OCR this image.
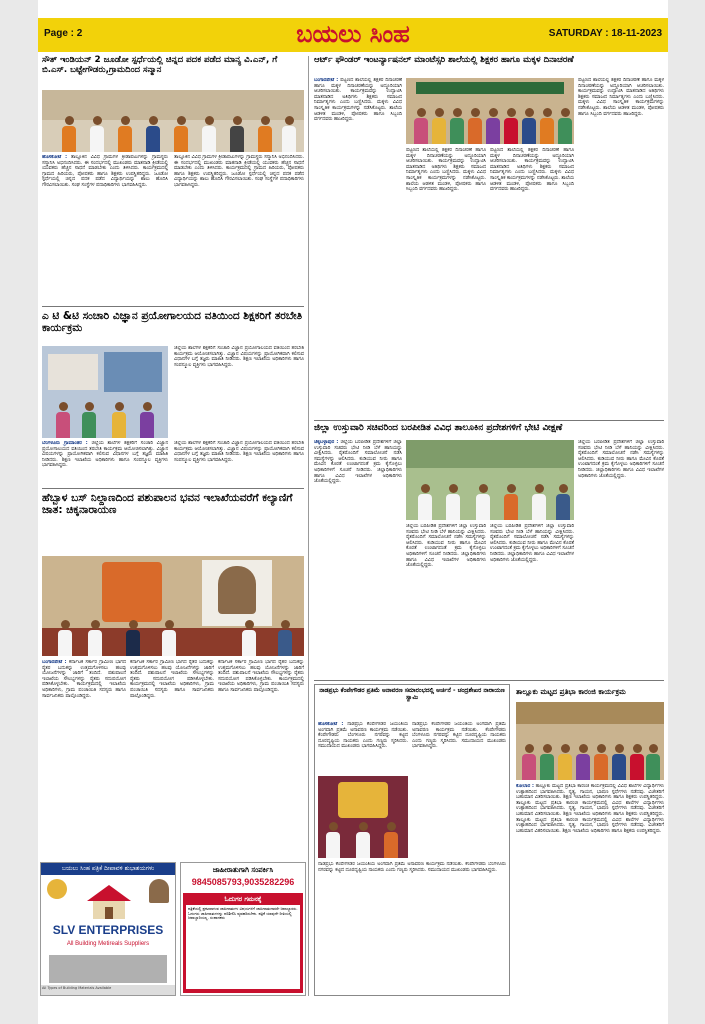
Page : 2	ಬಯಲು ಸಿಂಹ	SATURDAY : 18-11-2023
ಸೌತ್ ಇಂಡಿಯನ್ 2 ಜೂಡೋ ಸ್ಪರ್ಧೆಯಲ್ಲಿ ಚಿನ್ನದ ಪದಕ ಪಡೆದ ಮಾನ್ಯ ವಿ.ಎನ್, ಗೆ ಬಿ.ಎಸ್. ಬಟ್ಟೇಗೌಡರು,ಗ್ರಾಮದಿಂದ ಸನ್ಮಾನ
ಹೊಸಕೋಟೆ : ತಾಲ್ಲೂಕಿನ ವಿವಿಧ ಗ್ರಾಮಗಳ ಕ್ರೀಡಾಪಟುಗಳನ್ನು ಗ್ರಾಮಸ್ಥರು ಸನ್ಮಾನಿಸಿ ಅಭಿನಂದಿಸಿದರು. ಈ ಸಂದರ್ಭದಲ್ಲಿ ಮುಖಂಡರು ಮಾತನಾಡಿ ಕ್ರೀಡೆಯಲ್ಲಿ ಯುವಕರು ಹೆಚ್ಚಿನ ಸಾಧನೆ ಮಾಡಬೇಕು ಎಂದು ತಿಳಿಸಿದರು. ಕಾರ್ಯಕ್ರಮದಲ್ಲಿ ಗ್ರಾಮದ ಹಿರಿಯರು, ಪೋಷಕರು ಹಾಗೂ ಶಿಕ್ಷಕರು ಉಪಸ್ಥಿತರಿದ್ದರು. ಜೂಡೋ ಸ್ಪರ್ಧೆಯಲ್ಲಿ ಚಿನ್ನದ ಪದಕ ಪಡೆದ ವಿದ್ಯಾರ್ಥಿಯನ್ನು ಶಾಲು ಹೊದಿಸಿ ಗೌರವಿಸಲಾಯಿತು. ಸಂಘ ಸಂಸ್ಥೆಗಳ ಪದಾಧಿಕಾರಿಗಳು ಭಾಗವಹಿಸಿದ್ದರು.
ತಾಲ್ಲೂಕಿನ ವಿವಿಧ ಗ್ರಾಮಗಳ ಕ್ರೀಡಾಪಟುಗಳನ್ನು ಗ್ರಾಮಸ್ಥರು ಸನ್ಮಾನಿಸಿ ಅಭಿನಂದಿಸಿದರು. ಈ ಸಂದರ್ಭದಲ್ಲಿ ಮುಖಂಡರು ಮಾತನಾಡಿ ಕ್ರೀಡೆಯಲ್ಲಿ ಯುವಕರು ಹೆಚ್ಚಿನ ಸಾಧನೆ ಮಾಡಬೇಕು ಎಂದು ತಿಳಿಸಿದರು. ಕಾರ್ಯಕ್ರಮದಲ್ಲಿ ಗ್ರಾಮದ ಹಿರಿಯರು, ಪೋಷಕರು ಹಾಗೂ ಶಿಕ್ಷಕರು ಉಪಸ್ಥಿತರಿದ್ದರು. ಜೂಡೋ ಸ್ಪರ್ಧೆಯಲ್ಲಿ ಚಿನ್ನದ ಪದಕ ಪಡೆದ ವಿದ್ಯಾರ್ಥಿಯನ್ನು ಶಾಲು ಹೊದಿಸಿ ಗೌರವಿಸಲಾಯಿತು. ಸಂಘ ಸಂಸ್ಥೆಗಳ ಪದಾಧಿಕಾರಿಗಳು ಭಾಗವಹಿಸಿದ್ದರು.
ಎ ಟಿ &ಟಿ ಸಂಚಾರಿ ವಿಜ್ಞಾನ ಪ್ರಯೋಗಾಲಯದ ವತಿಯಿಂದ ಶಿಕ್ಷಕರಿಗೆ ತರಬೇತಿ ಕಾರ್ಯಕ್ರಮ
ಜಿಲ್ಲೆಯ ಶಾಲೆಗಳ ಶಿಕ್ಷಕರಿಗೆ ಸಂಚಾರಿ ವಿಜ್ಞಾನ ಪ್ರಯೋಗಾಲಯದ ವತಿಯಿಂದ ತರಬೇತಿ ಕಾರ್ಯಕ್ರಮ ಆಯೋಜಿಸಲಾಗಿತ್ತು. ವಿಜ್ಞಾನ ವಿಷಯಗಳನ್ನು ಪ್ರಾಯೋಗಿಕವಾಗಿ ಕಲಿಸುವ ವಿಧಾನಗಳ ಬಗ್ಗೆ ತಜ್ಞರು ಮಾಹಿತಿ ನೀಡಿದರು. ಶಿಕ್ಷಣ ಇಲಾಖೆಯ ಅಧಿಕಾರಿಗಳು ಹಾಗೂ ಸಂಪನ್ಮೂಲ ವ್ಯಕ್ತಿಗಳು ಭಾಗವಹಿಸಿದ್ದರು.
ಬೆಂಗಳೂರು ಗ್ರಾಮಾಂತರ : ಜಿಲ್ಲೆಯ ಶಾಲೆಗಳ ಶಿಕ್ಷಕರಿಗೆ ಸಂಚಾರಿ ವಿಜ್ಞಾನ ಪ್ರಯೋಗಾಲಯದ ವತಿಯಿಂದ ತರಬೇತಿ ಕಾರ್ಯಕ್ರಮ ಆಯೋಜಿಸಲಾಗಿತ್ತು. ವಿಜ್ಞಾನ ವಿಷಯಗಳನ್ನು ಪ್ರಾಯೋಗಿಕವಾಗಿ ಕಲಿಸುವ ವಿಧಾನಗಳ ಬಗ್ಗೆ ತಜ್ಞರು ಮಾಹಿತಿ ನೀಡಿದರು. ಶಿಕ್ಷಣ ಇಲಾಖೆಯ ಅಧಿಕಾರಿಗಳು ಹಾಗೂ ಸಂಪನ್ಮೂಲ ವ್ಯಕ್ತಿಗಳು ಭಾಗವಹಿಸಿದ್ದರು.
ಜಿಲ್ಲೆಯ ಶಾಲೆಗಳ ಶಿಕ್ಷಕರಿಗೆ ಸಂಚಾರಿ ವಿಜ್ಞಾನ ಪ್ರಯೋಗಾಲಯದ ವತಿಯಿಂದ ತರಬೇತಿ ಕಾರ್ಯಕ್ರಮ ಆಯೋಜಿಸಲಾಗಿತ್ತು. ವಿಜ್ಞಾನ ವಿಷಯಗಳನ್ನು ಪ್ರಾಯೋಗಿಕವಾಗಿ ಕಲಿಸುವ ವಿಧಾನಗಳ ಬಗ್ಗೆ ತಜ್ಞರು ಮಾಹಿತಿ ನೀಡಿದರು. ಶಿಕ್ಷಣ ಇಲಾಖೆಯ ಅಧಿಕಾರಿಗಳು ಹಾಗೂ ಸಂಪನ್ಮೂಲ ವ್ಯಕ್ತಿಗಳು ಭಾಗವಹಿಸಿದ್ದರು.
ಹೆಬ್ಬಾಳ ಬಸ್ ನಿಲ್ದಾಣದಿಂದ ಪಶುಪಾಲನ ಭವನ ಇಲಾಖೆಯವರೆಗೆ ಕಲ್ಯಾಣಿಗೆ ಜಾತ: ಚಿಕ್ಕನಾರಾಯಣ
ಬಂಗಾರಪೇಟೆ : ಕರ್ನಾಟಕ ಸರ್ಕಾರ ಗ್ರಾಮೀಣ ಭಾಗದ ರೈತರ ಬದುಕನ್ನು ಉತ್ತಮಗೊಳಿಸಲು ಹಲವು ಯೋಜನೆಗಳನ್ನು ಜಾರಿಗೆ ತಂದಿದೆ. ಪಶುಪಾಲನೆ ಇಲಾಖೆಯ ಸೌಲಭ್ಯಗಳನ್ನು ರೈತರು ಸದುಪಯೋಗ ಪಡಿಸಿಕೊಳ್ಳಬೇಕು. ಕಾರ್ಯಕ್ರಮದಲ್ಲಿ ಇಲಾಖೆಯ ಅಧಿಕಾರಿಗಳು, ಗ್ರಾಮ ಪಂಚಾಯಿತಿ ಸದಸ್ಯರು ಹಾಗೂ ಸಾರ್ವಜನಿಕರು ಪಾಲ್ಗೊಂಡಿದ್ದರು.
ಕರ್ನಾಟಕ ಸರ್ಕಾರ ಗ್ರಾಮೀಣ ಭಾಗದ ರೈತರ ಬದುಕನ್ನು ಉತ್ತಮಗೊಳಿಸಲು ಹಲವು ಯೋಜನೆಗಳನ್ನು ಜಾರಿಗೆ ತಂದಿದೆ. ಪಶುಪಾಲನೆ ಇಲಾಖೆಯ ಸೌಲಭ್ಯಗಳನ್ನು ರೈತರು ಸದುಪಯೋಗ ಪಡಿಸಿಕೊಳ್ಳಬೇಕು. ಕಾರ್ಯಕ್ರಮದಲ್ಲಿ ಇಲಾಖೆಯ ಅಧಿಕಾರಿಗಳು, ಗ್ರಾಮ ಪಂಚಾಯಿತಿ ಸದಸ್ಯರು ಹಾಗೂ ಸಾರ್ವಜನಿಕರು ಪಾಲ್ಗೊಂಡಿದ್ದರು.
ಕರ್ನಾಟಕ ಸರ್ಕಾರ ಗ್ರಾಮೀಣ ಭಾಗದ ರೈತರ ಬದುಕನ್ನು ಉತ್ತಮಗೊಳಿಸಲು ಹಲವು ಯೋಜನೆಗಳನ್ನು ಜಾರಿಗೆ ತಂದಿದೆ. ಪಶುಪಾಲನೆ ಇಲಾಖೆಯ ಸೌಲಭ್ಯಗಳನ್ನು ರೈತರು ಸದುಪಯೋಗ ಪಡಿಸಿಕೊಳ್ಳಬೇಕು. ಕಾರ್ಯಕ್ರಮದಲ್ಲಿ ಇಲಾಖೆಯ ಅಧಿಕಾರಿಗಳು, ಗ್ರಾಮ ಪಂಚಾಯಿತಿ ಸದಸ್ಯರು ಹಾಗೂ ಸಾರ್ವಜನಿಕರು ಪಾಲ್ಗೊಂಡಿದ್ದರು.
ಬಯಲು ಸಿಂಹ ಪತ್ರಿಕೆ ದೀಪಾವಳಿ ಶುಭಾಶಯಗಳು
SLV ENTERPRISES
All Building Metireals Suppliers
All Types of Building Materials Available
ಜಾಹೀರಾತುಗಾಗಿ ಸಂಪರ್ಕಿಸಿ
9845085793,9035282296
ಓದುಗರ ಗಮನಕ್ಕೆ
ಪತ್ರಿಕೆಯಲ್ಲಿ ಪ್ರಕಟವಾಗುವ ಜಾಹೀರಾತುಗಳ ವಿಷಯಗಳಿಗೆ ಜಾಹೀರಾತುದಾರರೇ ಜವಾಬ್ದಾರರು. ಓದುಗರು ಜಾಹೀರಾತುಗಳನ್ನು ಪರಿಶೀಲಿಸಿ ವ್ಯವಹರಿಸಬೇಕು. ಪತ್ರಿಕೆ ಯಾವುದೇ ರೀತಿಯಲ್ಲಿ ಜವಾಬ್ದಾರಿಯಲ್ಲ. ಸಂಪಾದಕರು
ಆರ್ಟ್ ಫೌಂಡರ್ ಇಂಟರ್ನ್ಯಾಷನಲ್ ಮಾಂಟೆಸ್ಸರಿ ಶಾಲೆಯಲ್ಲಿ ಶಿಕ್ಷಕರ ಹಾಗೂ ಮಕ್ಕಳ ದಿನಾಚರಣೆ
ಬಂಗಾರಪೇಟೆ : ಪಟ್ಟಣದ ಶಾಲೆಯಲ್ಲಿ ಶಿಕ್ಷಕರ ದಿನಾಚರಣೆ ಹಾಗೂ ಮಕ್ಕಳ ದಿನಾಚರಣೆಯನ್ನು ಅದ್ದೂರಿಯಾಗಿ ಆಚರಿಸಲಾಯಿತು. ಕಾರ್ಯಕ್ರಮವನ್ನು ಉದ್ಘಾಟಿಸಿ ಮಾತನಾಡಿದ ಅತಿಥಿಗಳು ಶಿಕ್ಷಕರು ಸಮಾಜದ ನಿರ್ಮಾತೃಗಳು ಎಂದು ಬಣ್ಣಿಸಿದರು. ಮಕ್ಕಳು ವಿವಿಧ ಸಾಂಸ್ಕೃತಿಕ ಕಾರ್ಯಕ್ರಮಗಳನ್ನು ನಡೆಸಿಕೊಟ್ಟರು. ಶಾಲೆಯ ಆಡಳಿತ ಮಂಡಳಿ, ಪೋಷಕರು ಹಾಗೂ ಸಿಬ್ಬಂದಿ ವರ್ಗದವರು ಹಾಜರಿದ್ದರು.
ಪಟ್ಟಣದ ಶಾಲೆಯಲ್ಲಿ ಶಿಕ್ಷಕರ ದಿನಾಚರಣೆ ಹಾಗೂ ಮಕ್ಕಳ ದಿನಾಚರಣೆಯನ್ನು ಅದ್ದೂರಿಯಾಗಿ ಆಚರಿಸಲಾಯಿತು. ಕಾರ್ಯಕ್ರಮವನ್ನು ಉದ್ಘಾಟಿಸಿ ಮಾತನಾಡಿದ ಅತಿಥಿಗಳು ಶಿಕ್ಷಕರು ಸಮಾಜದ ನಿರ್ಮಾತೃಗಳು ಎಂದು ಬಣ್ಣಿಸಿದರು. ಮಕ್ಕಳು ವಿವಿಧ ಸಾಂಸ್ಕೃತಿಕ ಕಾರ್ಯಕ್ರಮಗಳನ್ನು ನಡೆಸಿಕೊಟ್ಟರು. ಶಾಲೆಯ ಆಡಳಿತ ಮಂಡಳಿ, ಪೋಷಕರು ಹಾಗೂ ಸಿಬ್ಬಂದಿ ವರ್ಗದವರು ಹಾಜರಿದ್ದರು.
ಪಟ್ಟಣದ ಶಾಲೆಯಲ್ಲಿ ಶಿಕ್ಷಕರ ದಿನಾಚರಣೆ ಹಾಗೂ ಮಕ್ಕಳ ದಿನಾಚರಣೆಯನ್ನು ಅದ್ದೂರಿಯಾಗಿ ಆಚರಿಸಲಾಯಿತು. ಕಾರ್ಯಕ್ರಮವನ್ನು ಉದ್ಘಾಟಿಸಿ ಮಾತನಾಡಿದ ಅತಿಥಿಗಳು ಶಿಕ್ಷಕರು ಸಮಾಜದ ನಿರ್ಮಾತೃಗಳು ಎಂದು ಬಣ್ಣಿಸಿದರು. ಮಕ್ಕಳು ವಿವಿಧ ಸಾಂಸ್ಕೃತಿಕ ಕಾರ್ಯಕ್ರಮಗಳನ್ನು ನಡೆಸಿಕೊಟ್ಟರು. ಶಾಲೆಯ ಆಡಳಿತ ಮಂಡಳಿ, ಪೋಷಕರು ಹಾಗೂ ಸಿಬ್ಬಂದಿ ವರ್ಗದವರು ಹಾಜರಿದ್ದರು.
ಪಟ್ಟಣದ ಶಾಲೆಯಲ್ಲಿ ಶಿಕ್ಷಕರ ದಿನಾಚರಣೆ ಹಾಗೂ ಮಕ್ಕಳ ದಿನಾಚರಣೆಯನ್ನು ಅದ್ದೂರಿಯಾಗಿ ಆಚರಿಸಲಾಯಿತು. ಕಾರ್ಯಕ್ರಮವನ್ನು ಉದ್ಘಾಟಿಸಿ ಮಾತನಾಡಿದ ಅತಿಥಿಗಳು ಶಿಕ್ಷಕರು ಸಮಾಜದ ನಿರ್ಮಾತೃಗಳು ಎಂದು ಬಣ್ಣಿಸಿದರು. ಮಕ್ಕಳು ವಿವಿಧ ಸಾಂಸ್ಕೃತಿಕ ಕಾರ್ಯಕ್ರಮಗಳನ್ನು ನಡೆಸಿಕೊಟ್ಟರು. ಶಾಲೆಯ ಆಡಳಿತ ಮಂಡಳಿ, ಪೋಷಕರು ಹಾಗೂ ಸಿಬ್ಬಂದಿ ವರ್ಗದವರು ಹಾಜರಿದ್ದರು.
ಜಿಲ್ಲಾ ಉಸ್ತುವಾರಿ ಸಚಿವರಿಂದ ಬರಪೀಡಿತ ವಿವಿಧ ತಾಲೂಕಿನ ಪ್ರದೇಶಗಳಿಗೆ ಭೇಟಿ ವೀಕ್ಷಣೆ
ಚಿಕ್ಕಬಳ್ಳಾಪುರ : ಜಿಲ್ಲೆಯ ಬರಪೀಡಿತ ಪ್ರದೇಶಗಳಿಗೆ ಜಿಲ್ಲಾ ಉಸ್ತುವಾರಿ ಸಚಿವರು ಭೇಟಿ ನೀಡಿ ಬೆಳೆ ಹಾನಿಯನ್ನು ವೀಕ್ಷಿಸಿದರು. ರೈತರೊಂದಿಗೆ ಸಮಾಲೋಚನೆ ನಡೆಸಿ ಸಮಸ್ಯೆಗಳನ್ನು ಆಲಿಸಿದರು. ಕುಡಿಯುವ ನೀರು ಹಾಗೂ ಮೇವಿನ ಕೊರತೆ ಉಂಟಾಗದಂತೆ ಕ್ರಮ ಕೈಗೊಳ್ಳಲು ಅಧಿಕಾರಿಗಳಿಗೆ ಸೂಚನೆ ನೀಡಿದರು. ಜಿಲ್ಲಾಧಿಕಾರಿಗಳು ಹಾಗೂ ವಿವಿಧ ಇಲಾಖೆಗಳ ಅಧಿಕಾರಿಗಳು ಜೊತೆಯಲ್ಲಿದ್ದರು.
ಜಿಲ್ಲೆಯ ಬರಪೀಡಿತ ಪ್ರದೇಶಗಳಿಗೆ ಜಿಲ್ಲಾ ಉಸ್ತುವಾರಿ ಸಚಿವರು ಭೇಟಿ ನೀಡಿ ಬೆಳೆ ಹಾನಿಯನ್ನು ವೀಕ್ಷಿಸಿದರು. ರೈತರೊಂದಿಗೆ ಸಮಾಲೋಚನೆ ನಡೆಸಿ ಸಮಸ್ಯೆಗಳನ್ನು ಆಲಿಸಿದರು. ಕುಡಿಯುವ ನೀರು ಹಾಗೂ ಮೇವಿನ ಕೊರತೆ ಉಂಟಾಗದಂತೆ ಕ್ರಮ ಕೈಗೊಳ್ಳಲು ಅಧಿಕಾರಿಗಳಿಗೆ ಸೂಚನೆ ನೀಡಿದರು. ಜಿಲ್ಲಾಧಿಕಾರಿಗಳು ಹಾಗೂ ವಿವಿಧ ಇಲಾಖೆಗಳ ಅಧಿಕಾರಿಗಳು ಜೊತೆಯಲ್ಲಿದ್ದರು.
ಜಿಲ್ಲೆಯ ಬರಪೀಡಿತ ಪ್ರದೇಶಗಳಿಗೆ ಜಿಲ್ಲಾ ಉಸ್ತುವಾರಿ ಸಚಿವರು ಭೇಟಿ ನೀಡಿ ಬೆಳೆ ಹಾನಿಯನ್ನು ವೀಕ್ಷಿಸಿದರು. ರೈತರೊಂದಿಗೆ ಸಮಾಲೋಚನೆ ನಡೆಸಿ ಸಮಸ್ಯೆಗಳನ್ನು ಆಲಿಸಿದರು. ಕುಡಿಯುವ ನೀರು ಹಾಗೂ ಮೇವಿನ ಕೊರತೆ ಉಂಟಾಗದಂತೆ ಕ್ರಮ ಕೈಗೊಳ್ಳಲು ಅಧಿಕಾರಿಗಳಿಗೆ ಸೂಚನೆ ನೀಡಿದರು. ಜಿಲ್ಲಾಧಿಕಾರಿಗಳು ಹಾಗೂ ವಿವಿಧ ಇಲಾಖೆಗಳ ಅಧಿಕಾರಿಗಳು ಜೊತೆಯಲ್ಲಿದ್ದರು.
ಜಿಲ್ಲೆಯ ಬರಪೀಡಿತ ಪ್ರದೇಶಗಳಿಗೆ ಜಿಲ್ಲಾ ಉಸ್ತುವಾರಿ ಸಚಿವರು ಭೇಟಿ ನೀಡಿ ಬೆಳೆ ಹಾನಿಯನ್ನು ವೀಕ್ಷಿಸಿದರು. ರೈತರೊಂದಿಗೆ ಸಮಾಲೋಚನೆ ನಡೆಸಿ ಸಮಸ್ಯೆಗಳನ್ನು ಆಲಿಸಿದರು. ಕುಡಿಯುವ ನೀರು ಹಾಗೂ ಮೇವಿನ ಕೊರತೆ ಉಂಟಾಗದಂತೆ ಕ್ರಮ ಕೈಗೊಳ್ಳಲು ಅಧಿಕಾರಿಗಳಿಗೆ ಸೂಚನೆ ನೀಡಿದರು. ಜಿಲ್ಲಾಧಿಕಾರಿಗಳು ಹಾಗೂ ವಿವಿಧ ಇಲಾಖೆಗಳ ಅಧಿಕಾರಿಗಳು ಜೊತೆಯಲ್ಲಿದ್ದರು.
ನಾಡಪ್ರಭು ಕೆಂಪೇಗೌಡರ ಪ್ರತಿಮೆ ಅನಾವರಣ ಸಮಾರಂಭದಲ್ಲಿ ಅರ್ಚನೆ - ಚಂದ್ರಶೇಖರ ನಾರಾಯಣ ಸ್ವಾಮಿ
ಹೊಸಕೋಟೆ : ನಾಡಪ್ರಭು ಕೆಂಪೇಗೌಡರ ಜಯಂತಿಯ ಅಂಗವಾಗಿ ಪ್ರತಿಮೆ ಅನಾವರಣ ಕಾರ್ಯಕ್ರಮ ನಡೆಯಿತು. ಕೆಂಪೇಗೌಡರು ಬೆಂಗಳೂರು ನಗರವನ್ನು ಕಟ್ಟಿದ ದೂರದೃಷ್ಟಿಯ ನಾಯಕರು ಎಂದು ಗಣ್ಯರು ಸ್ಮರಿಸಿದರು. ಸಮುದಾಯದ ಮುಖಂಡರು ಭಾಗವಹಿಸಿದ್ದರು.
ನಾಡಪ್ರಭು ಕೆಂಪೇಗೌಡರ ಜಯಂತಿಯ ಅಂಗವಾಗಿ ಪ್ರತಿಮೆ ಅನಾವರಣ ಕಾರ್ಯಕ್ರಮ ನಡೆಯಿತು. ಕೆಂಪೇಗೌಡರು ಬೆಂಗಳೂರು ನಗರವನ್ನು ಕಟ್ಟಿದ ದೂರದೃಷ್ಟಿಯ ನಾಯಕರು ಎಂದು ಗಣ್ಯರು ಸ್ಮರಿಸಿದರು. ಸಮುದಾಯದ ಮುಖಂಡರು ಭಾಗವಹಿಸಿದ್ದರು.
ನಾಡಪ್ರಭು ಕೆಂಪೇಗೌಡರ ಜಯಂತಿಯ ಅಂಗವಾಗಿ ಪ್ರತಿಮೆ ಅನಾವರಣ ಕಾರ್ಯಕ್ರಮ ನಡೆಯಿತು. ಕೆಂಪೇಗೌಡರು ಬೆಂಗಳೂರು ನಗರವನ್ನು ಕಟ್ಟಿದ ದೂರದೃಷ್ಟಿಯ ನಾಯಕರು ಎಂದು ಗಣ್ಯರು ಸ್ಮರಿಸಿದರು. ಸಮುದಾಯದ ಮುಖಂಡರು ಭಾಗವಹಿಸಿದ್ದರು.
ತಾಲ್ಲೂಕು ಮಟ್ಟದ ಪ್ರತಿಭಾ ಕಾರಂಜಿ ಕಾರ್ಯಕ್ರಮ
ಕೋಲಾರ : ತಾಲ್ಲೂಕು ಮಟ್ಟದ ಪ್ರತಿಭಾ ಕಾರಂಜಿ ಕಾರ್ಯಕ್ರಮದಲ್ಲಿ ವಿವಿಧ ಶಾಲೆಗಳ ವಿದ್ಯಾರ್ಥಿಗಳು ಉತ್ಸಾಹದಿಂದ ಭಾಗವಹಿಸಿದರು. ನೃತ್ಯ, ಗಾಯನ, ಭಾಷಣ ಸ್ಪರ್ಧೆಗಳು ನಡೆದವು. ವಿಜೇತರಿಗೆ ಬಹುಮಾನ ವಿತರಿಸಲಾಯಿತು. ಶಿಕ್ಷಣ ಇಲಾಖೆಯ ಅಧಿಕಾರಿಗಳು ಹಾಗೂ ಶಿಕ್ಷಕರು ಉಪಸ್ಥಿತರಿದ್ದರು. ತಾಲ್ಲೂಕು ಮಟ್ಟದ ಪ್ರತಿಭಾ ಕಾರಂಜಿ ಕಾರ್ಯಕ್ರಮದಲ್ಲಿ ವಿವಿಧ ಶಾಲೆಗಳ ವಿದ್ಯಾರ್ಥಿಗಳು ಉತ್ಸಾಹದಿಂದ ಭಾಗವಹಿಸಿದರು. ನೃತ್ಯ, ಗಾಯನ, ಭಾಷಣ ಸ್ಪರ್ಧೆಗಳು ನಡೆದವು. ವಿಜೇತರಿಗೆ ಬಹುಮಾನ ವಿತರಿಸಲಾಯಿತು. ಶಿಕ್ಷಣ ಇಲಾಖೆಯ ಅಧಿಕಾರಿಗಳು ಹಾಗೂ ಶಿಕ್ಷಕರು ಉಪಸ್ಥಿತರಿದ್ದರು. ತಾಲ್ಲೂಕು ಮಟ್ಟದ ಪ್ರತಿಭಾ ಕಾರಂಜಿ ಕಾರ್ಯಕ್ರಮದಲ್ಲಿ ವಿವಿಧ ಶಾಲೆಗಳ ವಿದ್ಯಾರ್ಥಿಗಳು ಉತ್ಸಾಹದಿಂದ ಭಾಗವಹಿಸಿದರು. ನೃತ್ಯ, ಗಾಯನ, ಭಾಷಣ ಸ್ಪರ್ಧೆಗಳು ನಡೆದವು. ವಿಜೇತರಿಗೆ ಬಹುಮಾನ ವಿತರಿಸಲಾಯಿತು. ಶಿಕ್ಷಣ ಇಲಾಖೆಯ ಅಧಿಕಾರಿಗಳು ಹಾಗೂ ಶಿಕ್ಷಕರು ಉಪಸ್ಥಿತರಿದ್ದರು.
